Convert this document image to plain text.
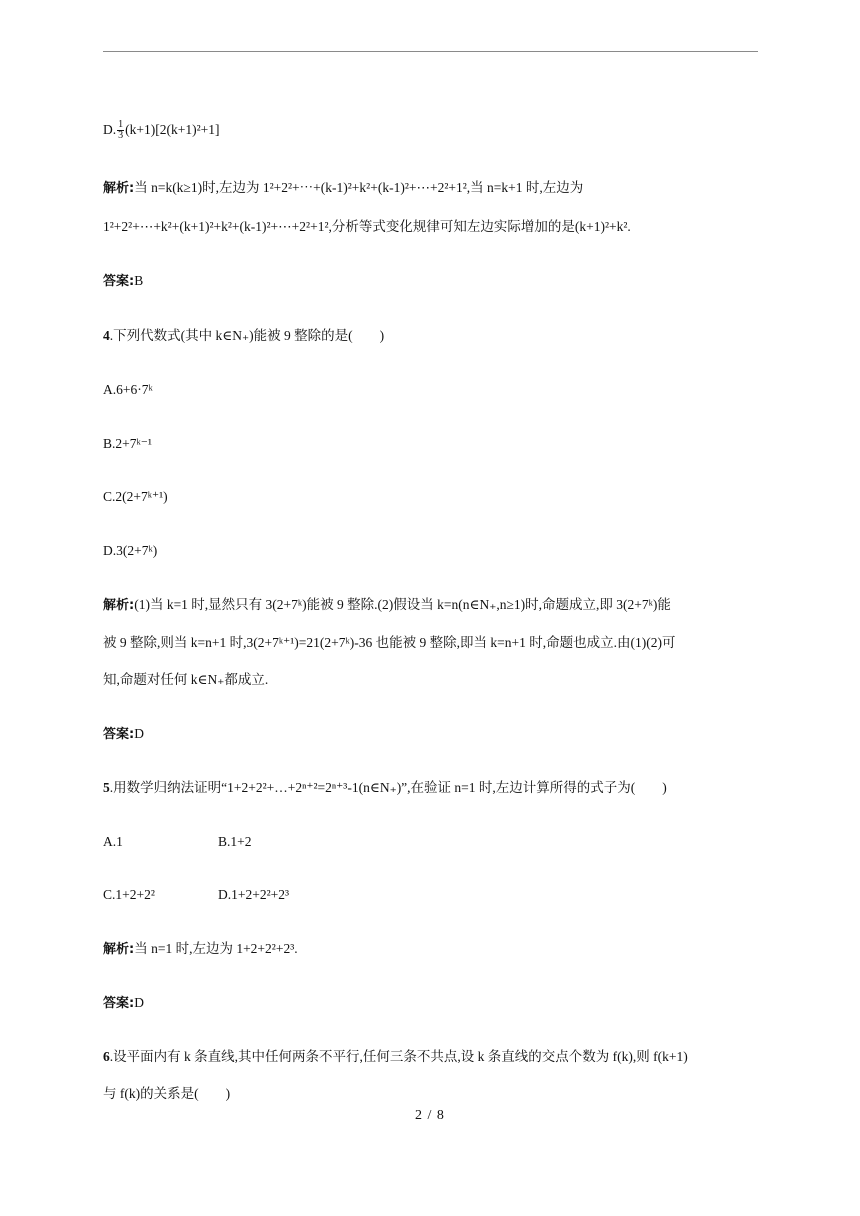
D. $\frac{1}{3} (k+1)[2(k+1)^2+1]$
解析:当 n=k(k≥1)时,左边为 1²+2²+⋯+(k-1)²+k²+(k-1)²+⋯+2²+1²,当 n=k+1 时,左边为
1²+2²+⋯+k²+(k+1)²+k²+(k-1)²+⋯+2²+1²,分析等式变化规律可知左边实际增加的是(k+1)²+k².
答案:B
4.下列代数式(其中 k∈N₊)能被 9 整除的是(　　)
A.6+6·7ᵏ
B.2+7ᵏ⁻¹
C.2(2+7ᵏ⁺¹)
D.3(2+7ᵏ)
解析:(1)当 k=1 时,显然只有 3(2+7ᵏ)能被 9 整除.(2)假设当 k=n(n∈N₊,n≥1)时,命题成立,即 3(2+7ᵏ)能
被 9 整除,则当 k=n+1 时,3(2+7ᵏ⁺¹)=21(2+7ᵏ)-36 也能被 9 整除,即当 k=n+1 时,命题也成立.由(1)(2)可
知,命题对任何 k∈N₊都成立.
答案:D
5.用数学归纳法证明“1+2+2²+…+2ⁿ⁺²=2ⁿ⁺³-1(n∈N₊)”,在验证 n=1 时,左边计算所得的式子为(　　)
A.1	B.1+2
C.1+2+2²	D.1+2+2²+2³
解析:当 n=1 时,左边为 1+2+2²+2³.
答案:D
6.设平面内有 k 条直线,其中任何两条不平行,任何三条不共点,设 k 条直线的交点个数为 f(k),则 f(k+1)
与 f(k)的关系是(　　)
2 / 8
